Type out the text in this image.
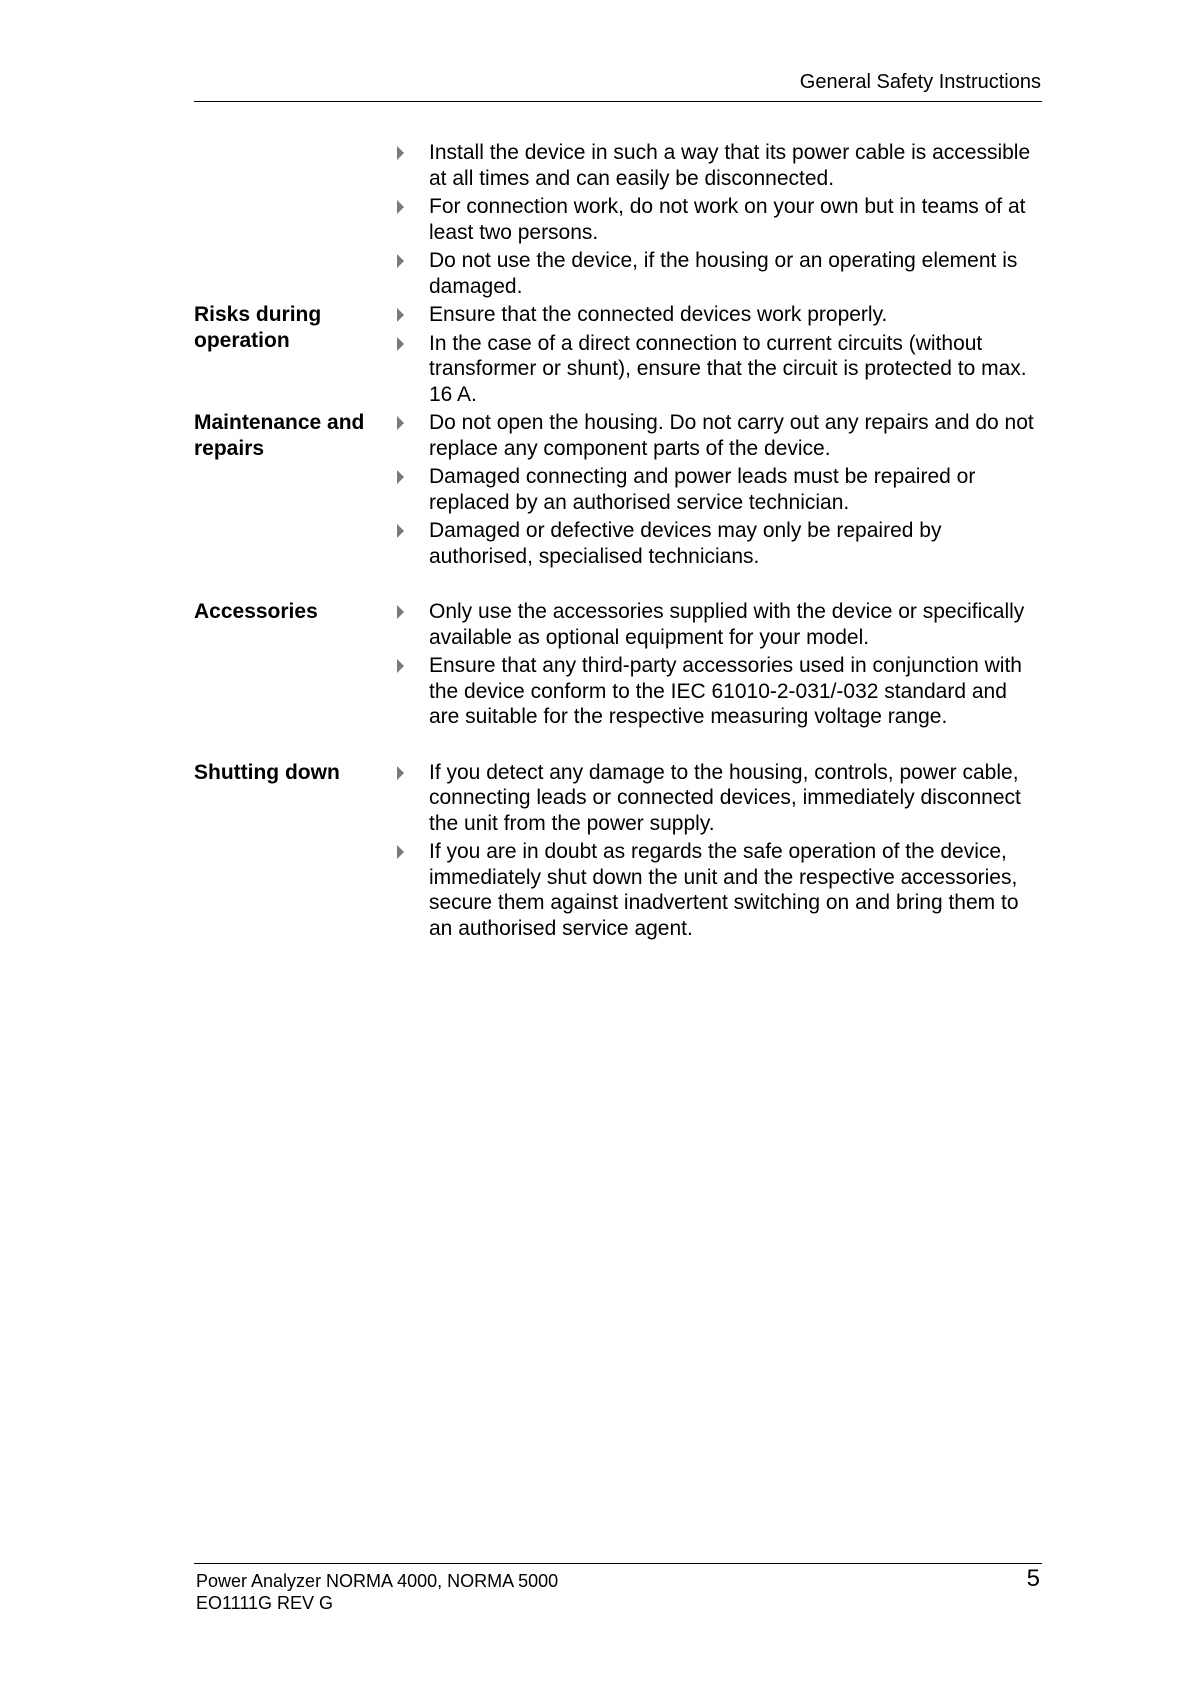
General Safety Instructions
Install the device in such a way that its power cable is accessible at all times and can easily be disconnected.
For connection work, do not work on your own but in teams of at least two persons.
Do not use the device, if the housing or an operating element is damaged.
Risks during
operation
Ensure that the connected devices work properly.
In the case of a direct connection to current circuits (without transformer or shunt), ensure that the circuit is protected to max. 16 A.
Maintenance and
repairs
Do not open the housing. Do not carry out any repairs and do not replace any component parts of the device.
Damaged connecting and power leads must be repaired or replaced by an authorised service technician.
Damaged or defective devices may only be repaired by authorised, specialised technicians.
Accessories	Only use the accessories supplied with the device or specifically available as optional equipment for your model.
Ensure that any third-party accessories used in conjunction with the device conform to the IEC 61010-2-031/-032 standard and are suitable for the respective measuring voltage range.
Shutting down	If you detect any damage to the housing, controls, power cable, connecting leads or connected devices, immediately disconnect the unit from the power supply.
If you are in doubt as regards the safe operation of the device, immediately shut down the unit and the respective accessories, secure them against inadvertent switching on and bring them to an authorised service agent.
Power Analyzer NORMA 4000, NORMA 5000
EO1111G REV G
5
